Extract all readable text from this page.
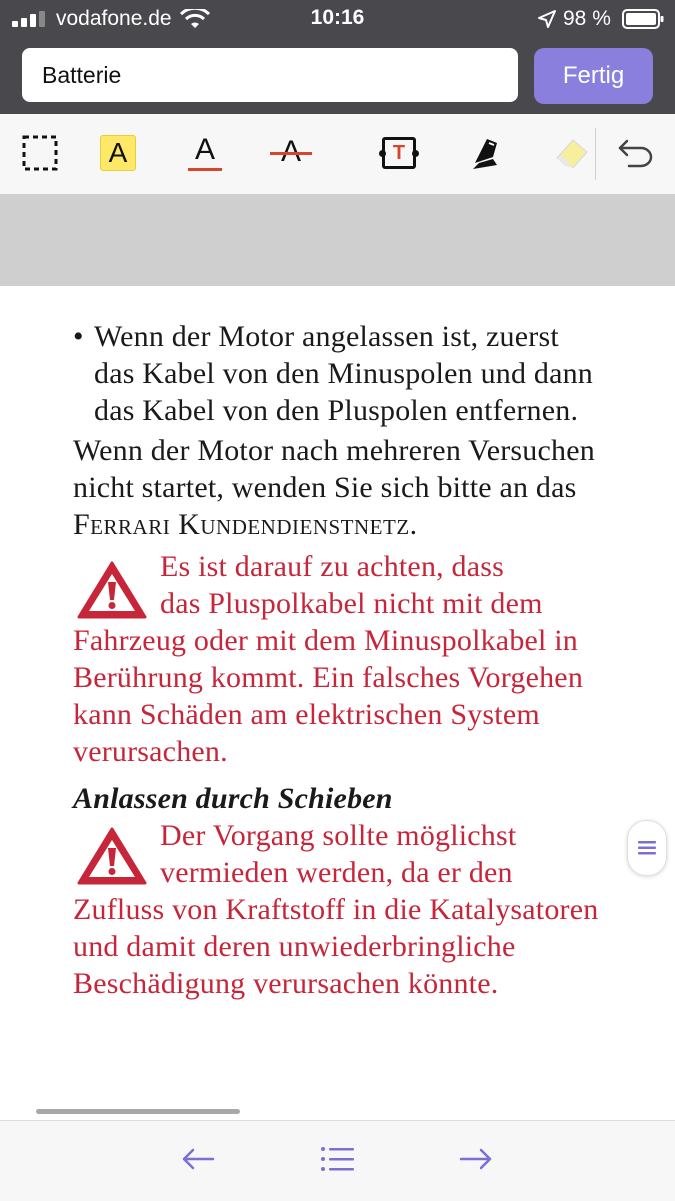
vodafone.de	10:16	98 %
Batterie
Fertig
A A	T
• Wenn der Motor angelassen ist, zuerst
das Kabel von den Minuspolen und dann
das Kabel von den Pluspolen entfernen.
Wenn der Motor nach mehreren Versuchen
nicht startet, wenden Sie sich bitte an das
Ferrari Kundendienstnetz.
Es ist darauf zu achten, dass
das Pluspolkabel nicht mit dem
Fahrzeug oder mit dem Minuspolkabel in
Berührung kommt. Ein falsches Vorgehen
kann Schäden am elektrischen System
verursachen.
Anlassen durch Schieben
Der Vorgang sollte möglichst
vermieden werden, da er den
Zufluss von Kraftstoff in die Katalysatoren
und damit deren unwiederbringliche
Beschädigung verursachen könnte.
